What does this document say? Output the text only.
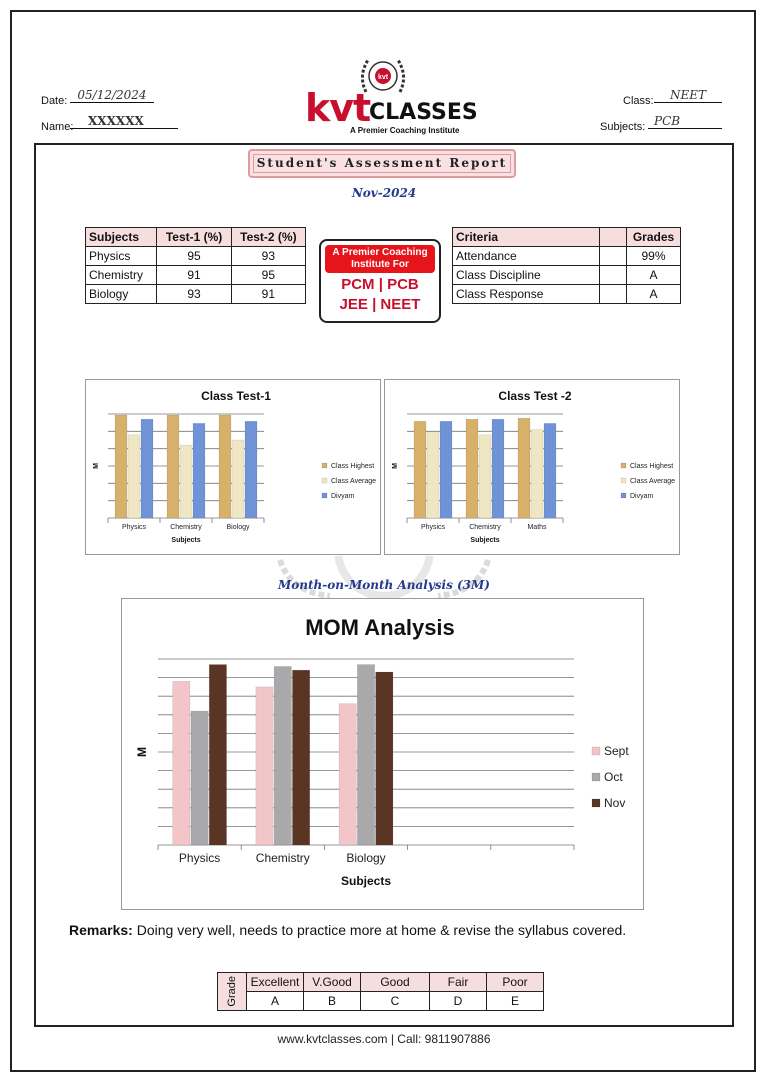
Date: 05/12/2024
Name:	XXXXXX
Class:	NEET
Subjects: PCB
kvt
kvt
CLASSES
A Premier Coaching Institute
Student's Assessment Report
Nov-2024
Subjects	Test-1 (%)	Test-2 (%)
Physics	95	93
Chemistry	91	95
Biology	93	91
A Premier Coaching Institute For
PCM | PCB
JEE | NEET
Criteria		Grades
Attendance		99%
Class Discipline		A
Class Response		A
Class Test-1
Physics	Chemistry	Biology
Subjects
M	Class Highest
Class Average
Divyam
Class Test -2
Physics	Chemistry	Maths
Subjects
M	Class Highest
Class Average
Divyam
Month-on-Month Analysis (3M)
MOM Analysis
Physics	Chemistry	Biology
Subjects
M	Sept
Oct
Nov
Remarks: Doing very well, needs to practice more at home & revise the syllabus covered.
Grade	Excellent	V.Good	Good	Fair	Poor
	A	B	C	D	E
www.kvtclasses.com | Call: 9811907886
